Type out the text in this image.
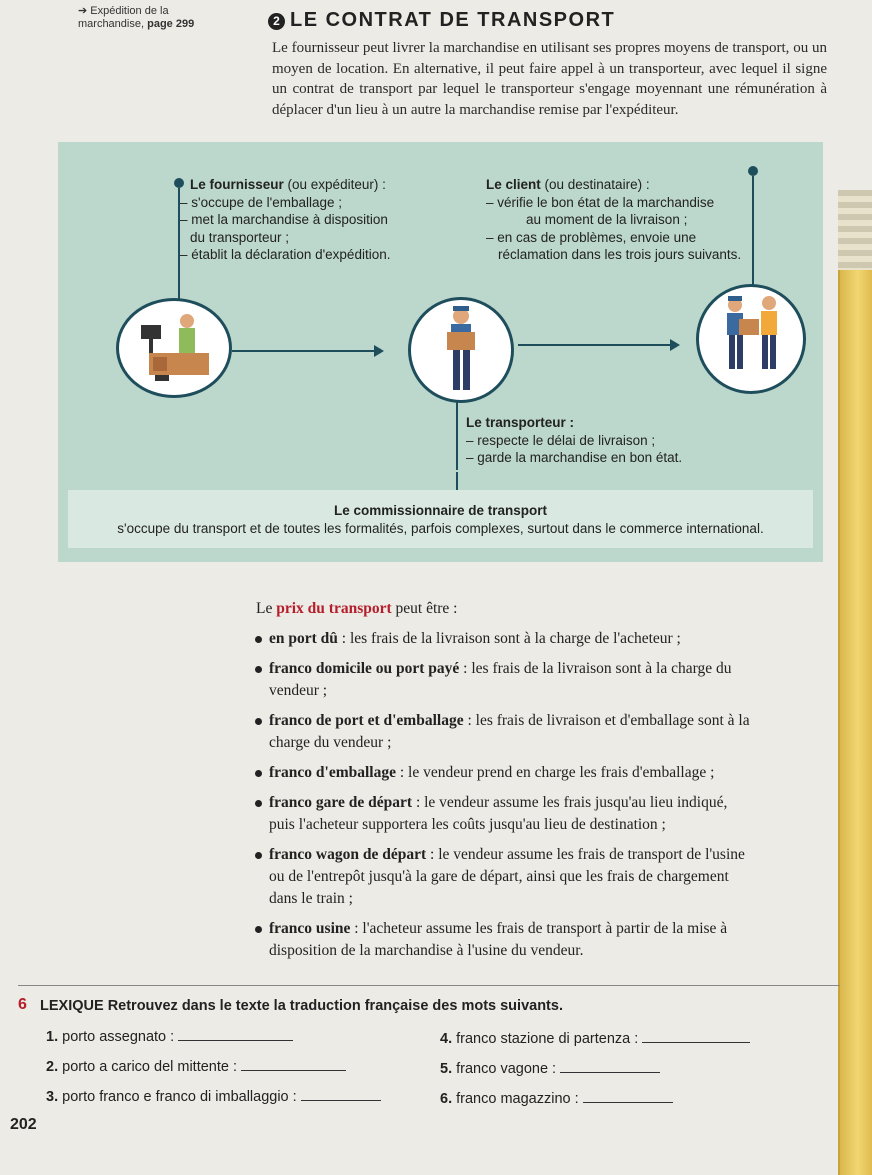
➔ Expédition de la
marchandise, page 299	2 LE CONTRAT DE TRANSPORT
Le fournisseur peut livrer la marchandise en utilisant ses propres moyens de transport, ou un moyen de location. En alternative, il peut faire appel à un transporteur, avec lequel il signe un contrat de transport par lequel le transporteur s'engage moyennant une rémunération à déplacer d'un lieu à un autre la marchandise remise par l'expéditeur.
Le fournisseur (ou expéditeur) :
– s'occupe de l'emballage ;
– met la marchandise à disposition
du transporteur ;
– établit la déclaration d'expédition.
Le client (ou destinataire) :
– vérifie le bon état de la marchandise
au moment de la livraison ;
– en cas de problèmes, envoie une
réclamation dans les trois jours suivants.
Le transporteur :
– respecte le délai de livraison ;
– garde la marchandise en bon état.
Le commissionnaire de transport
s'occupe du transport et de toutes les formalités, parfois complexes, surtout dans le commerce international.
Le prix du transport peut être :
en port dû : les frais de la livraison sont à la charge de l'acheteur ;
franco domicile ou port payé : les frais de la livraison sont à la charge du
vendeur ;
franco de port et d'emballage : les frais de livraison et d'emballage sont à la
charge du vendeur ;
franco d'emballage : le vendeur prend en charge les frais d'emballage ;
franco gare de départ : le vendeur assume les frais jusqu'au lieu indiqué,
puis l'acheteur supportera les coûts jusqu'au lieu de destination ;
franco wagon de départ : le vendeur assume les frais de transport de l'usine
ou de l'entrepôt jusqu'à la gare de départ, ainsi que les frais de chargement
dans le train ;
franco usine : l'acheteur assume les frais de transport à partir de la mise à
disposition de la marchandise à l'usine du vendeur.
6 LEXIQUE Retrouvez dans le texte la traduction française des mots suivants.
1. porto assegnato :
2. porto a carico del mittente :
3. porto franco e franco di imballaggio :
4. franco stazione di partenza :
5. franco vagone :
6. franco magazzino :
202
